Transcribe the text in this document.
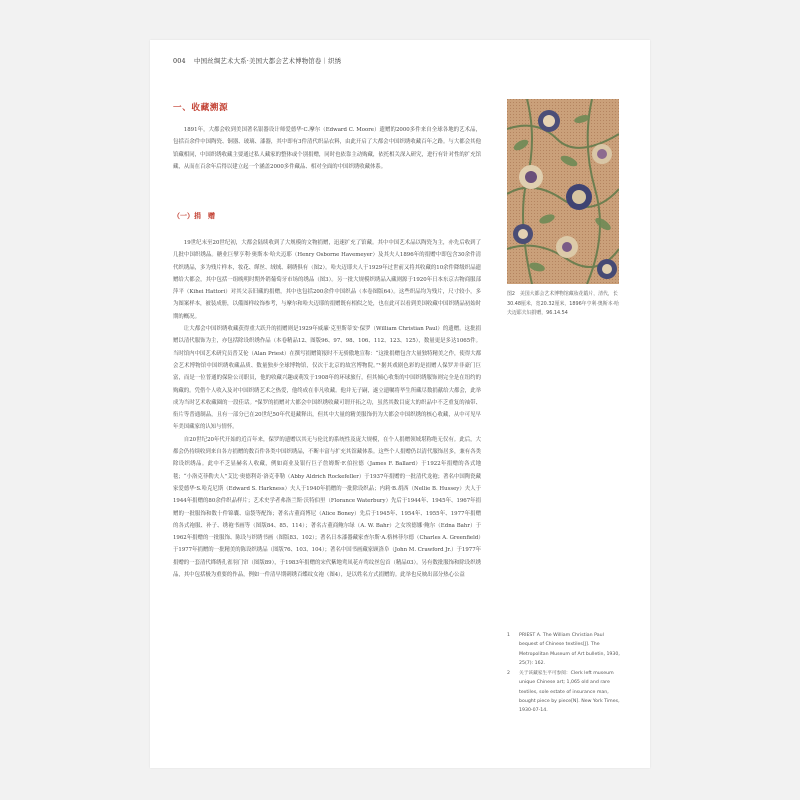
004 中国丝绸艺术大系·美国大都会艺术博物馆卷｜织绣
一、收藏溯源

1891年，大都会收到美国著名银器设计师爱德华·C.摩尔（Edward C. Moore）遗赠的2000多件来自全球各地的艺术品，包括百余件中国陶瓷、铜器、玻璃、漆器，其中即有3件清代织品衣料，由此开启了大都会中国织绣收藏百年之路。与大都会其他馆藏相同，中国织绣收藏主要通过私人藏家的整体或个别捐赠，同时也依靠主动购藏，依托相关深入研究，进行有针对性的扩充馆藏，从而在百余年后得以建立起一个涵盖2000多件藏品、相对全面的中国织绣收藏体系。

（一）捐　赠

19世纪末至20世纪初，大都会陆续收到了大规模的文物捐赠，迅速扩充了馆藏。其中中国艺术品以陶瓷为主，亦先后收到了几批中国织绣品。糖业巨擘亨利·奥斯本·哈夫迈耶（Henry Osborne Havemeyer）及其夫人1896年的捐赠中即包含30余件清代织绣品，多为残片样本，妆花、缂丝、绒绒、刺绣俱有（图2）。哈夫迈耶夫人于1929年过世前又将其收藏的10余件降级织品遗赠给大都会，其中包括一组晚明时期外销葡萄牙市场的绣品（图3）。另一批大规模织绣品入藏则源于1920年日本东京古物商服部萍平（Kihei Hattori）对其父亲旧藏的捐赠，其中也包括200余件中国织品（本卷图版64）。这些织品均为残片，尺寸较小，多为图案样本，被装成册，以備图样纹饰参考，与摩尔和哈夫迈耶的捐赠既有相似之处，也在此可以看到美国收藏中国织绣品初始时期的概况。

让大都会中国织绣收藏获得重大跃升的捐赠则是1929年威廉·克里斯蒂安·保罗（William Christian Paul）的遗赠。这批捐赠以清代服饰为主，亦包括除设织绣作品（本卷精品12、图版96、97、98、106、112、123、125），数量更是多达1065件。当时馆内中国艺术研究员普艾伦（Alan Priest）在撰写捐赠简报时不无骄傲地宣称：“这批捐赠包含大量独特精美之作，使得大都会艺术博物馆中国织绣收藏品质、数量独步全球博物馆，仅次于北京的故宫博物院。”¹据其戏剧色彩的是捐赠人保罗并非豪门巨富，而是一位普通的保险公司职员，他的收藏兴趣或萌发于1908年的环球旅行，但其倾心收集的中国织绣服饰则完全是在纽约的购藏的。凭借个人收入及对中国织绣艺术之热爱，他终成在非凡收藏。他并无子嗣，遂立遗嘱将毕生所藏尽数捐献给大都会，此举成为当时艺术收藏圈的一段佳话。²保罗的捐赠对大都会中国织绣收藏可谓开拓之功，虽然其数目庞大的织品中不乏重复的袖带、衔片等普通制品，且有一部分已在20世纪50年代退藏释出，但其中大量的精美服饰仍为大都会中国织绣的核心收藏，从中可见早年美国藏家的认知与情怀。

自20世纪20年代开始的近百年来，保罗的遗赠以其无与伦比的系统性及庞大规模，在个人捐赠领域堪称绝无仅有。此后，大都会仍持续收到来自各方捐赠的数百件各类中国织绣品，不断丰富与扩充其馆藏体系。这些个人捐赠仍以清代服饰居多，兼有各类除设织绣品。此中不乏显赫名人收藏，例如商业及银行巨子詹姆斯·F.伯拉德（James F. Ballard）于1922年捐赠的各式地毯；“小洛克菲勒夫人”艾比·奥德利奇·洛克菲勒（Abby Aldrich Rockefeller）于1937年捐赠的一批清代龙袍；著名中国陶瓷藏家爱德华·S.哈克尼斯（Edward S. Harkness）夫人于1940年捐赠的一批除设织品；内莉·B.胡西（Nellie B. Hussey）夫人于1944年捐赠的80余件织品样片；艺术史学者弗洛兰斯·沃特伯里（Florance Waterbury）先后于1944年、1945年、1967年捐赠的一批服饰和数十件锦囊、扇袋等配饰；著名古董商博尼（Alice Boney）先后于1945年、1954年、1955年、1977年捐赠的各式袍服、补子、绣袍书画等（图版84、85、114）；著名古董商鲍尔绿（A. W. Bahr）之女埃德娜·鲍尔（Edna Bahr）于1962年捐赠的一批服饰、陈设与织绣书画（图版83、102）；著名日本漆器藏家查尔斯·A.格林菲尔德（Charles A. Greenfield）于1977年捐赠的一批精美的陈设织绣品（图版76、103、104）；著名中国书画藏家顾洛阜（John M. Crawford Jr.）于1977年捐赠的一套清代缂绣孔雀羽门帘（图版89），于1983年捐赠的宋代紫地鸾凤花卉鸾纹丝包首（精品03）。另有数批服饰和除设织绣品，其中包括极为重要的作品，例如一件清早期刺绣百蝶纹女袍（图4），是以姓名方式捐赠的。此举也反映出部分热心公益

图2　美国大都会艺术博物馆藏妆花锻片，清代，长30.48厘米，宽20.32厘米，1896年亨利·奥斯本·哈夫迈耶夫妇捐赠，96.14.54

1	PRIEST A. The William Christian Paul bequest of Chinese textiles[J]. The Metropolitan Museum of Art bulletin, 1930, 25(7): 162.
2	关于该藏家生平可参阅：Clerk left museum unique Chinese art; 1,065 old and rare textiles, sole estate of insurance man, bought piece by piece[N]. New York Times, 1930-07-14.
